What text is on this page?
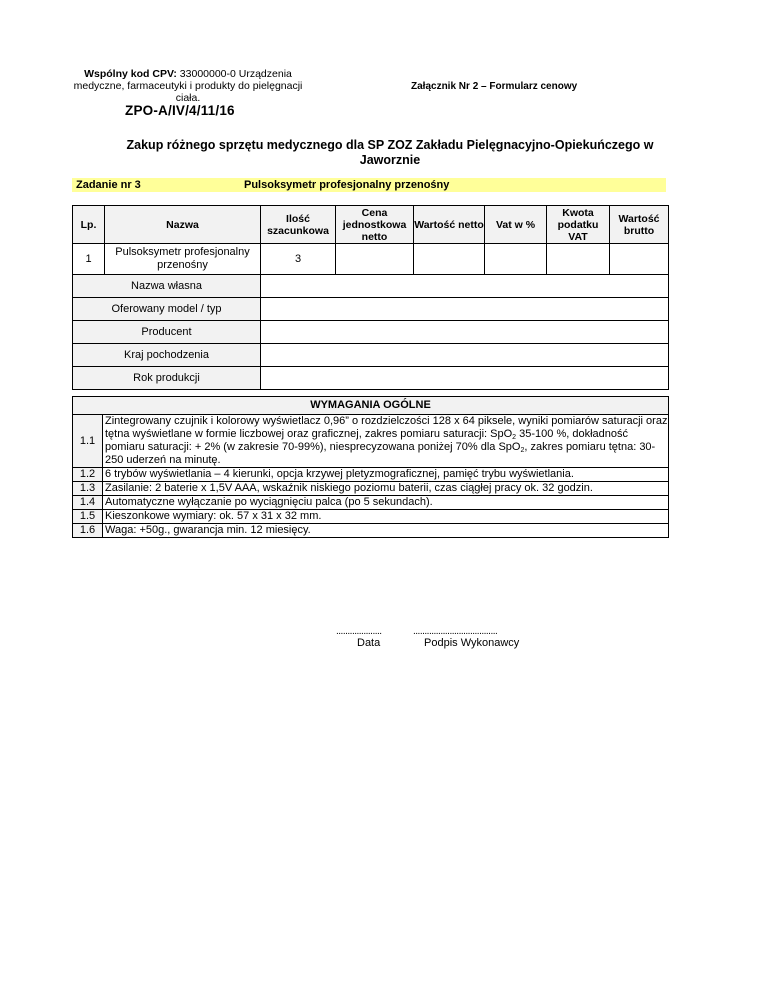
Wspólny kod CPV: 33000000-0 Urządzenia medyczne, farmaceutyki i produkty do pielęgnacji ciała.
Załącznik Nr 2 – Formularz cenowy
ZPO-A/IV/4/11/16
Zakup różnego sprzętu medycznego dla SP ZOZ Zakładu Pielęgnacyjno-Opiekuńczego w Jaworznie
Zadanie nr 3	Pulsoksymetr profesjonalny przenośny
Lp.	Nazwa	Ilość szacunkowa	Cena jednostkowa netto	Wartość netto	Vat w %	Kwota podatku VAT	Wartość brutto
1	Pulsoksymetr profesjonalny przenośny	3					
Nazwa własna							
Oferowany model / typ							
Producent							
Kraj pochodzenia							
Rok produkcji							
WYMAGANIA OGÓLNE	
1.1	Zintegrowany czujnik i kolorowy wyświetlacz 0,96” o rozdzielczości 128 x 64 piksele, wyniki pomiarów saturacji oraz tętna wyświetlane w formie liczbowej oraz graficznej, zakres pomiaru saturacji: SpO$_2$ 35-100 %, dokładność pomiaru saturacji: + 2% (w zakresie 70-99%), niesprecyzowana poniżej 70% dla SpO$_2$, zakres pomiaru tętna: 30-250 uderzeń na minutę.
1.2	6 trybów wyświetlania – 4 kierunki, opcja krzywej pletyzmograficznej, pamięć trybu wyświetlania.
1.3	Zasilanie: 2 baterie x 1,5V AAA, wskaźnik niskiego poziomu baterii, czas ciągłej pracy ok. 32 godzin.
1.4	Automatyczne wyłączanie po wyciągnięciu palca (po 5 sekundach).
1.5	Kieszonkowe wymiary: ok. 57 x 31 x 32 mm.
1.6	Waga: +50g., gwarancja min. 12 miesięcy.
....................	.....................................
Data	Podpis Wykonawcy
